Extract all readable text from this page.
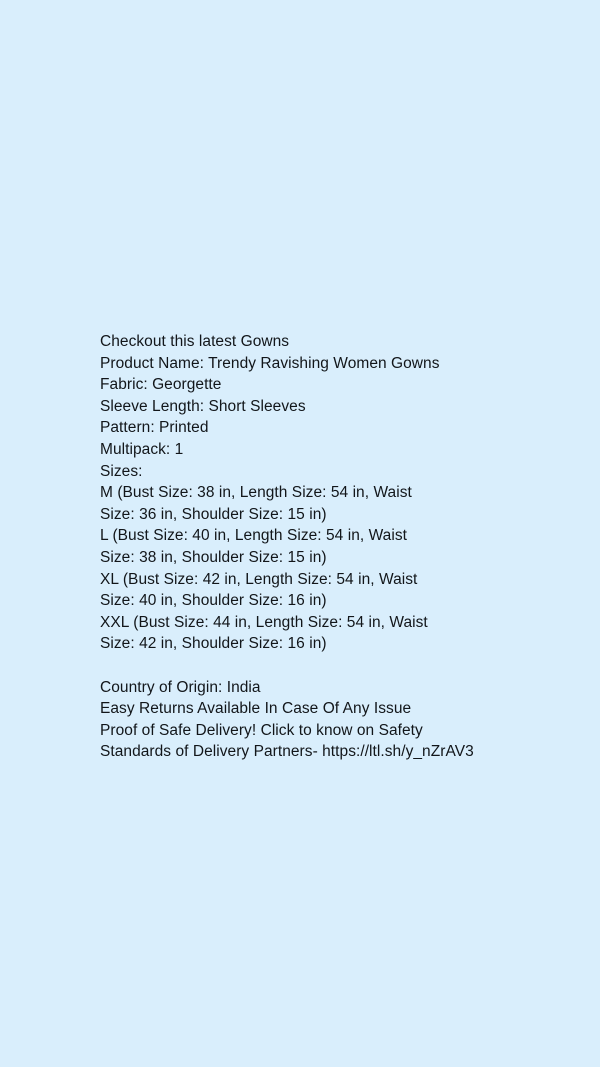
Checkout this latest Gowns
Product Name: Trendy Ravishing Women Gowns
Fabric: Georgette
Sleeve Length: Short Sleeves
Pattern: Printed
Multipack: 1
Sizes:
M (Bust Size: 38 in, Length Size: 54 in, Waist
Size: 36 in, Shoulder Size: 15 in)
L (Bust Size: 40 in, Length Size: 54 in, Waist
Size: 38 in, Shoulder Size: 15 in)
XL (Bust Size: 42 in, Length Size: 54 in, Waist
Size: 40 in, Shoulder Size: 16 in)
XXL (Bust Size: 44 in, Length Size: 54 in, Waist
Size: 42 in, Shoulder Size: 16 in)
Country of Origin: India
Easy Returns Available In Case Of Any Issue
Proof of Safe Delivery! Click to know on Safety
Standards of Delivery Partners- https://ltl.sh/y_nZrAV3
